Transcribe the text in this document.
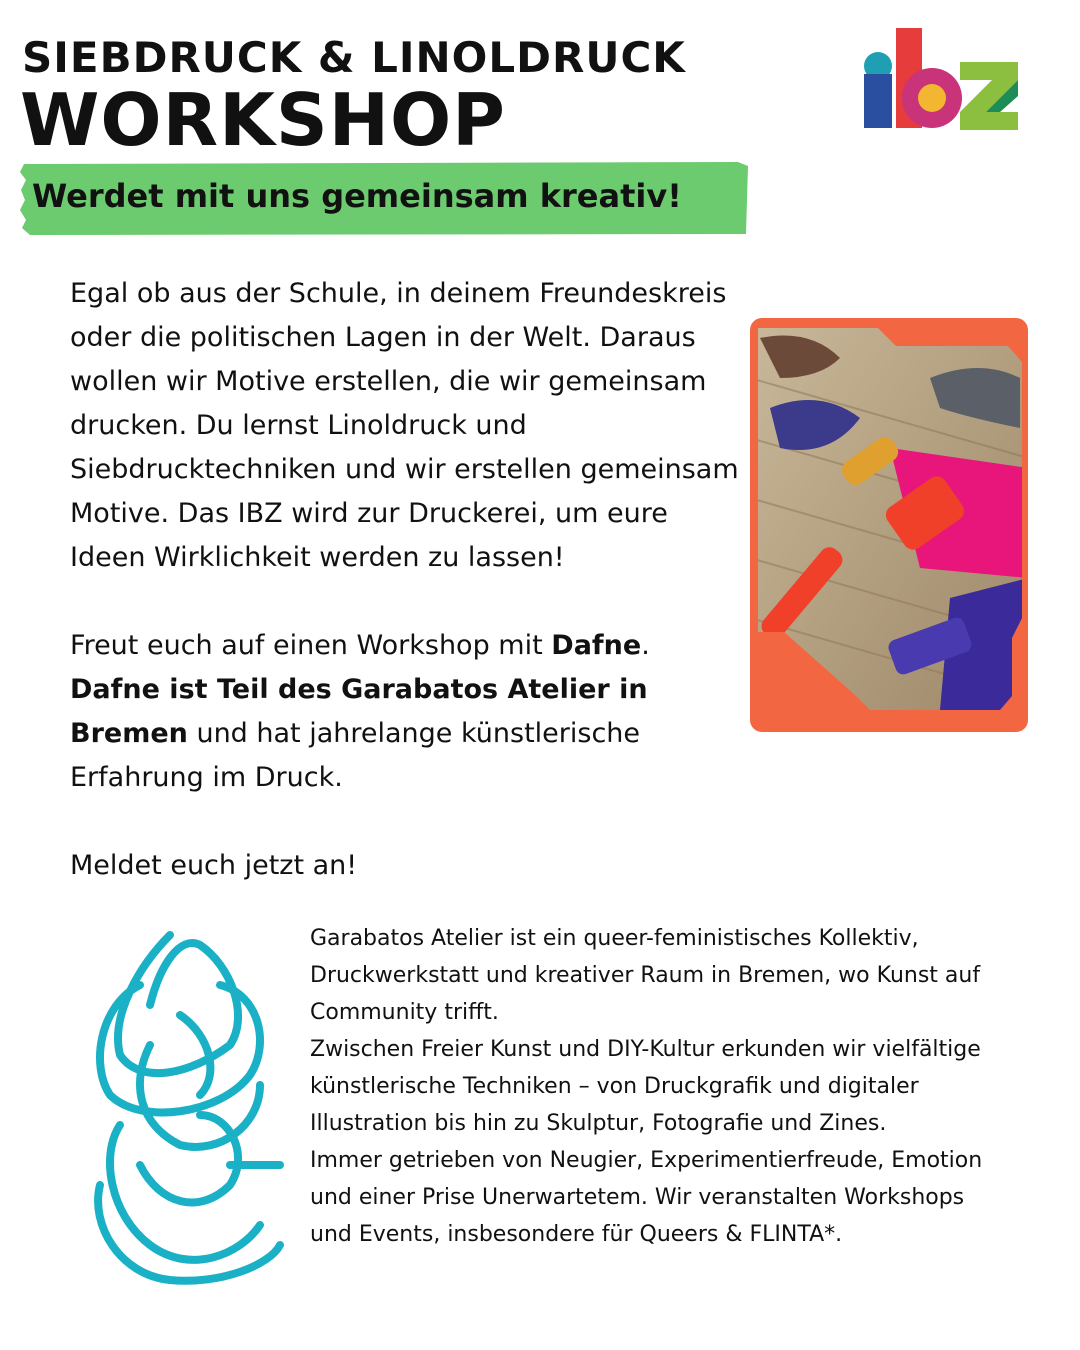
SIEBDRUCK & LINOLDRUCK
WORKSHOP
Werdet mit uns gemeinsam kreativ!

Egal ob aus der Schule, in deinem Freundeskreis oder die politischen Lagen in der Welt. Daraus wollen wir Motive erstellen, die wir gemeinsam drucken. Du lernst Linoldruck und Siebdrucktechniken und wir erstellen gemeinsam Motive. Das IBZ wird zur Druckerei, um eure Ideen Wirklichkeit werden zu lassen!

Freut euch auf einen Workshop mit Dafne. Dafne ist Teil des Garabatos Atelier in Bremen und hat jahrelange künstlerische Erfahrung im Druck.

Meldet euch jetzt an!

Garabatos Atelier ist ein queer-feministisches Kollektiv, Druckwerkstatt und kreativer Raum in Bremen, wo Kunst auf Community trifft.

Zwischen Freier Kunst und DIY-Kultur erkunden wir vielfältige künstlerische Techniken – von Druckgrafik und digitaler Illustration bis hin zu Skulptur, Fotografie und Zines.

Immer getrieben von Neugier, Experimentierfreude, Emotion und einer Prise Unerwartetem. Wir veranstalten Workshops und Events, insbesondere für Queers & FLINTA*.
